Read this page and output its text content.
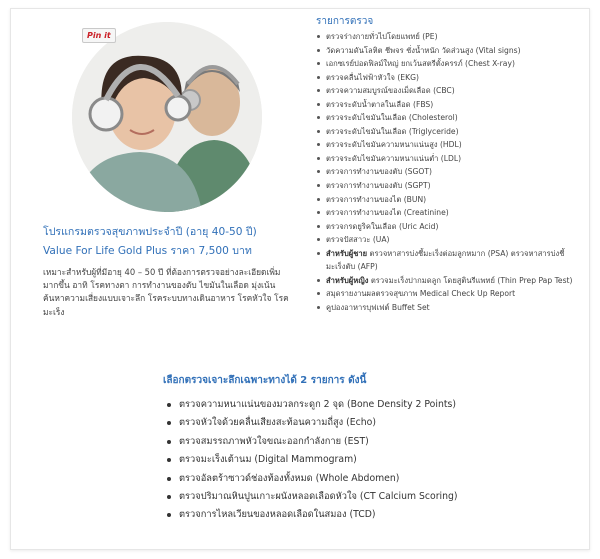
Pin it
โปรแกรมตรวจสุขภาพประจำปี (อายุ 40-50 ปี)
Value For Life Gold Plus ราคา 7,500 บาท
เหมาะสำหรับผู้ที่มีอายุ 40 – 50 ปี ที่ต้องการตรวจอย่างละเอียดเพิ่มมากขึ้น อาทิ โรคทางตา การทำงานของตับ ไขมันในเลือด มุ่งเน้นค้นหาความเสี่ยงแบบเจาะลึก โรคระบบทางเดินอาหาร โรคหัวใจ โรคมะเร็ง
รายการตรวจ
ตรวจร่างกายทั่วไปโดยแพทย์ (PE)
วัดความดันโลหิต ชีพจร ชั่งน้ำหนัก วัดส่วนสูง (Vital signs)
เอกซเรย์ปอดฟิลม์ใหญ่ ยกเว้นสตรีตั้งครรภ์ (Chest X-ray)
ตรวจคลื่นไฟฟ้าหัวใจ (EKG)
ตรวจความสมบูรณ์ของเม็ดเลือด (CBC)
ตรวจระดับน้ำตาลในเลือด (FBS)
ตรวจระดับไขมันในเลือด (Cholesterol)
ตรวจระดับไขมันในเลือด (Triglyceride)
ตรวจระดับไขมันความหนาแน่นสูง (HDL)
ตรวจระดับไขมันความหนาแน่นต่ำ (LDL)
ตรวจการทำงานของตับ (SGOT)
ตรวจการทำงานของตับ (SGPT)
ตรวจการทำงานของไต (BUN)
ตรวจการทำงานของไต (Creatinine)
ตรวจกรดยูริคในเลือด (Uric Acid)
ตรวจปัสสาวะ (UA)
สำหรับผู้ชาย ตรวจหาสารบ่งชี้มะเร็งต่อมลูกหมาก (PSA) ตรวจหาสารบ่งชี้มะเร็งตับ (AFP)
สำหรับผู้หญิง ตรวจมะเร็งปากมดลูก โดยสูตินรีแพทย์ (Thin Prep Pap Test)
สมุดรายงานผลตรวจสุขภาพ Medical Check Up Report
คูปองอาหารบุฟเฟต์ Buffet Set
เลือกตรวจเจาะลึกเฉพาะทางได้ 2 รายการ ดังนี้
ตรวจความหนาแน่นของมวลกระดูก 2 จุด (Bone Density 2 Points)
ตรวจหัวใจด้วยคลื่นเสียงสะท้อนความถี่สูง (Echo)
ตรวจสมรรถภาพหัวใจขณะออกกำลังกาย (EST)
ตรวจมะเร็งเต้านม (Digital Mammogram)
ตรวจอัลตร้าซาวด์ช่องท้องทั้งหมด (Whole Abdomen)
ตรวจปริมาณหินปูนเกาะผนังหลอดเลือดหัวใจ (CT Calcium Scoring)
ตรวจการไหลเวียนของหลอดเลือดในสมอง (TCD)
